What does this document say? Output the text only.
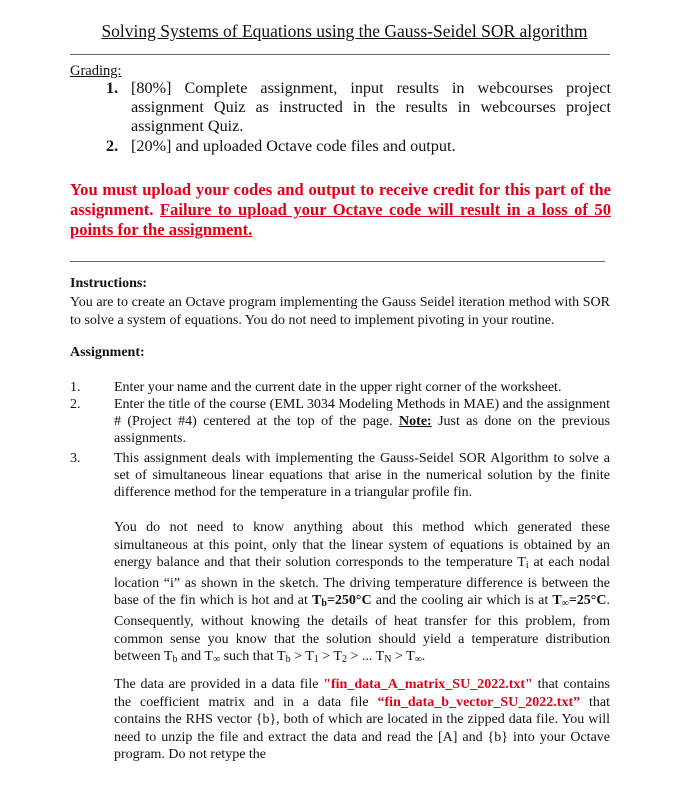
Solving Systems of Equations using the Gauss-Seidel SOR algorithm
Grading:
1. [80%] Complete assignment, input results in webcourses project assignment Quiz as instructed in the results in webcourses project assignment Quiz.
2. [20%] and uploaded Octave code files and output.
You must upload your codes and output to receive credit for this part of the assignment. Failure to upload your Octave code will result in a loss of 50 points for the assignment.
Instructions:
You are to create an Octave program implementing the Gauss Seidel iteration method with SOR to solve a system of equations. You do not need to implement pivoting in your routine.
Assignment:
1. Enter your name and the current date in the upper right corner of the worksheet.
2. Enter the title of the course (EML 3034 Modeling Methods in MAE) and the assignment # (Project #4) centered at the top of the page. Note: Just as done on the previous assignments.
3. This assignment deals with implementing the Gauss-Seidel SOR Algorithm to solve a set of simultaneous linear equations that arise in the numerical solution by the finite difference method for the temperature in a triangular profile fin.
You do not need to know anything about this method which generated these simultaneous at this point, only that the linear system of equations is obtained by an energy balance and that their solution corresponds to the temperature $T_i$ at each nodal location “i” as shown in the sketch. The driving temperature difference is between the base of the fin which is hot and at $T_b=250^\circ C$ and the cooling air which is at $T_\infty=25^\circ C$. Consequently, without knowing the details of heat transfer for this problem, from common sense you know that the solution should yield a temperature distribution between $T_b$ and $T_\infty$ such that $T_b > T_1 > T_2$ > ... $T_N > T_\infty$.
The data are provided in a data file "fin_data_A_matrix_SU_2022.txt" that contains the coefficient matrix and in a data file “fin_data_b_vector_SU_2022.txt” that contains the RHS vector {b}, both of which are located in the zipped data file. You will need to unzip the file and extract the data and read the [A] and {b} into your Octave program. Do not retype the
